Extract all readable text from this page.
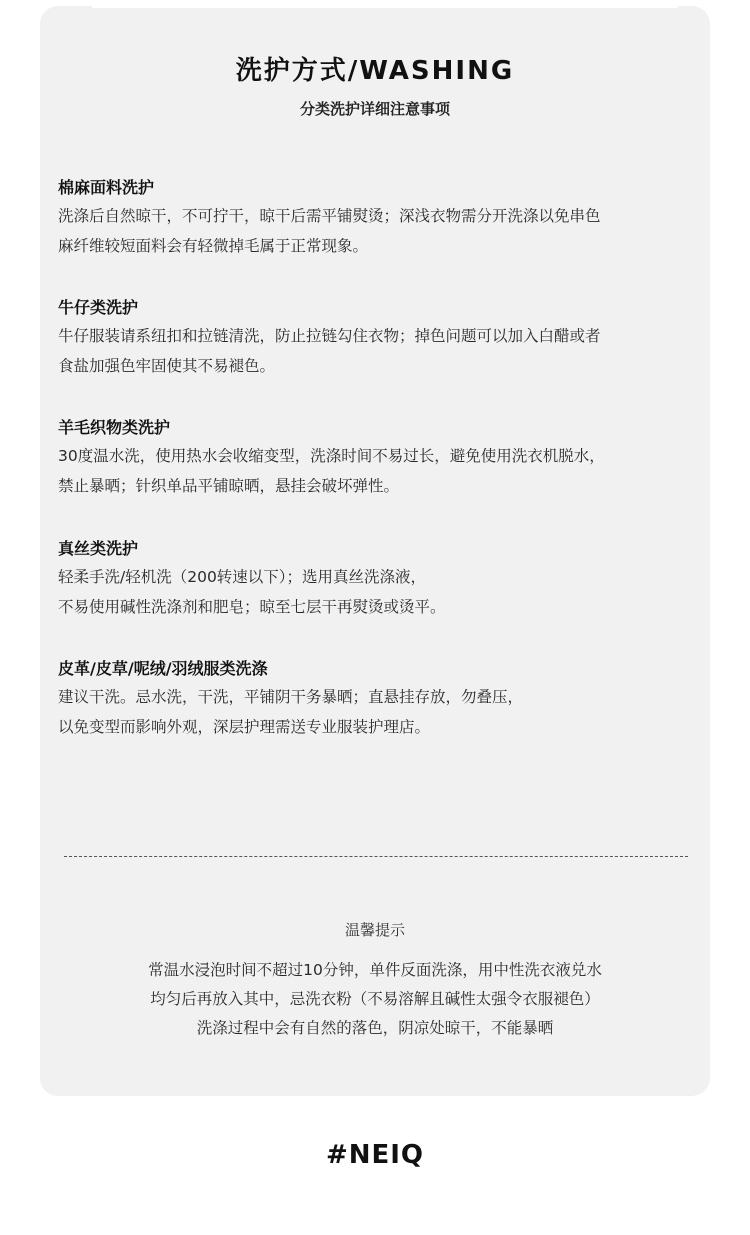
洗护方式/WASHING
分类洗护详细注意事项
棉麻面料洗护
洗涤后自然晾干，不可拧干，晾干后需平铺熨烫；深浅衣物需分开洗涤以免串色
麻纤维较短面料会有轻微掉毛属于正常现象。
牛仔类洗护
牛仔服装请系纽扣和拉链清洗，防止拉链勾住衣物；掉色问题可以加入白醋或者
食盐加强色牢固使其不易褪色。
羊毛织物类洗护
30度温水洗，使用热水会收缩变型，洗涤时间不易过长，避免使用洗衣机脱水，
禁止暴晒；针织单品平铺晾晒，悬挂会破坏弹性。
真丝类洗护
轻柔手洗/轻机洗（200转速以下）；选用真丝洗涤液，
不易使用碱性洗涤剂和肥皂；晾至七层干再熨烫或烫平。
皮革/皮草/呢绒/羽绒服类洗涤
建议干洗。忌水洗，干洗，平铺阴干务暴晒；直悬挂存放，勿叠压，
以免变型而影响外观，深层护理需送专业服装护理店。
温馨提示
常温水浸泡时间不超过10分钟，单件反面洗涤，用中性洗衣液兑水
均匀后再放入其中，忌洗衣粉（不易溶解且碱性太强令衣服褪色）
洗涤过程中会有自然的落色，阴凉处晾干，不能暴晒
#NEIQ
